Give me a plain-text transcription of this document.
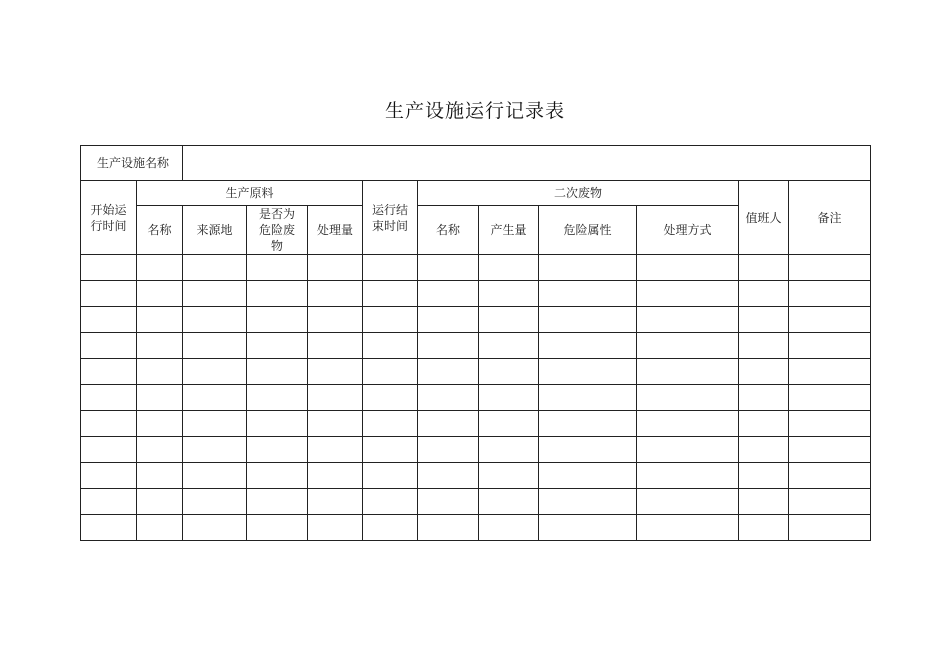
生产设施运行记录表
生产设施名称											
开始运行时间	生产原料				运行结束时间	二次废物				值班人	备注
	名称	来源地	是否为危险废物	处理量		名称	产生量	危险属性	处理方式		
